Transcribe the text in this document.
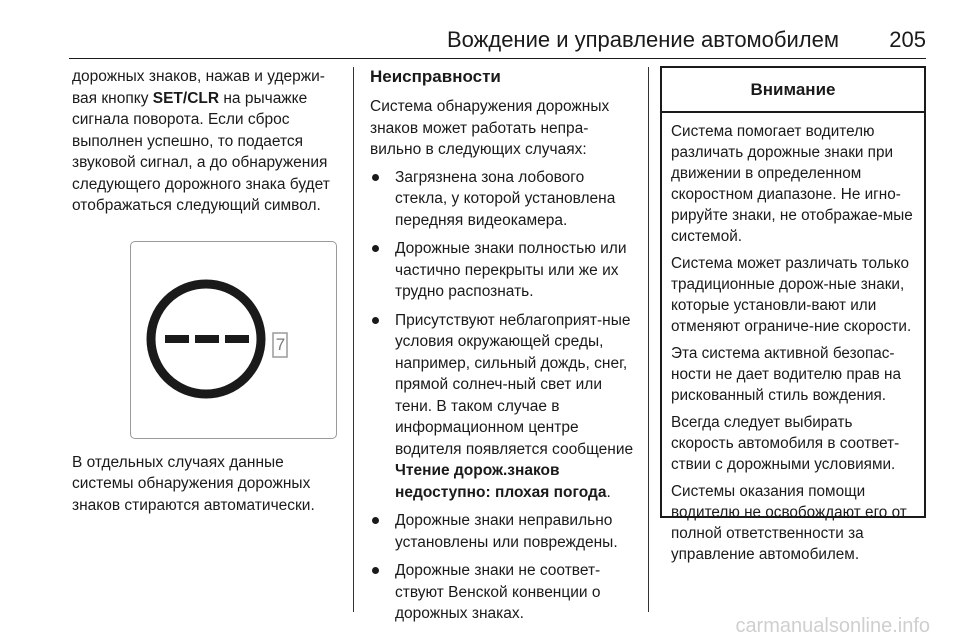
Вождение и управление автомобилем	205

дорожных знаков, нажав и удержи-вая кнопку SET/CLR на рычажке сигнала поворота. Если сброс выполнен успешно, то подается звуковой сигнал, а до обнаружения следующего дорожного знака будет отображаться следующий символ.

7

В отдельных случаях данные системы обнаружения дорожных знаков стираются автоматически.

Неисправности

Система обнаружения дорожных знаков может работать непра-вильно в следующих случаях:

Загрязнена зона лобового стекла, у которой установлена передняя видеокамера.
Дорожные знаки полностью или частично перекрыты или же их трудно распознать.
Присутствуют неблагоприят-ные условия окружающей среды, например, сильный дождь, снег, прямой солнеч-ный свет или тени. В таком случае в информационном центре водителя появляется сообщение Чтение дорож.знаков недоступно: плохая погода.
Дорожные знаки неправильно установлены или повреждены.
Дорожные знаки не соответ-ствуют Венской конвенции о дорожных знаках.
Внимание

Система помогает водителю различать дорожные знаки при движении в определенном скоростном диапазоне. Не игно-рируйте знаки, не отображае-мые системой.

Система может различать только традиционные дорож-ные знаки, которые установли-вают или отменяют ограниче-ние скорости.

Эта система активной безопас-ности не дает водителю прав на рискованный стиль вождения.

Всегда следует выбирать скорость автомобиля в соответ-ствии с дорожными условиями.

Системы оказания помощи водителю не освобождают его от полной ответственности за управление автомобилем.

carmanualsonline.info
